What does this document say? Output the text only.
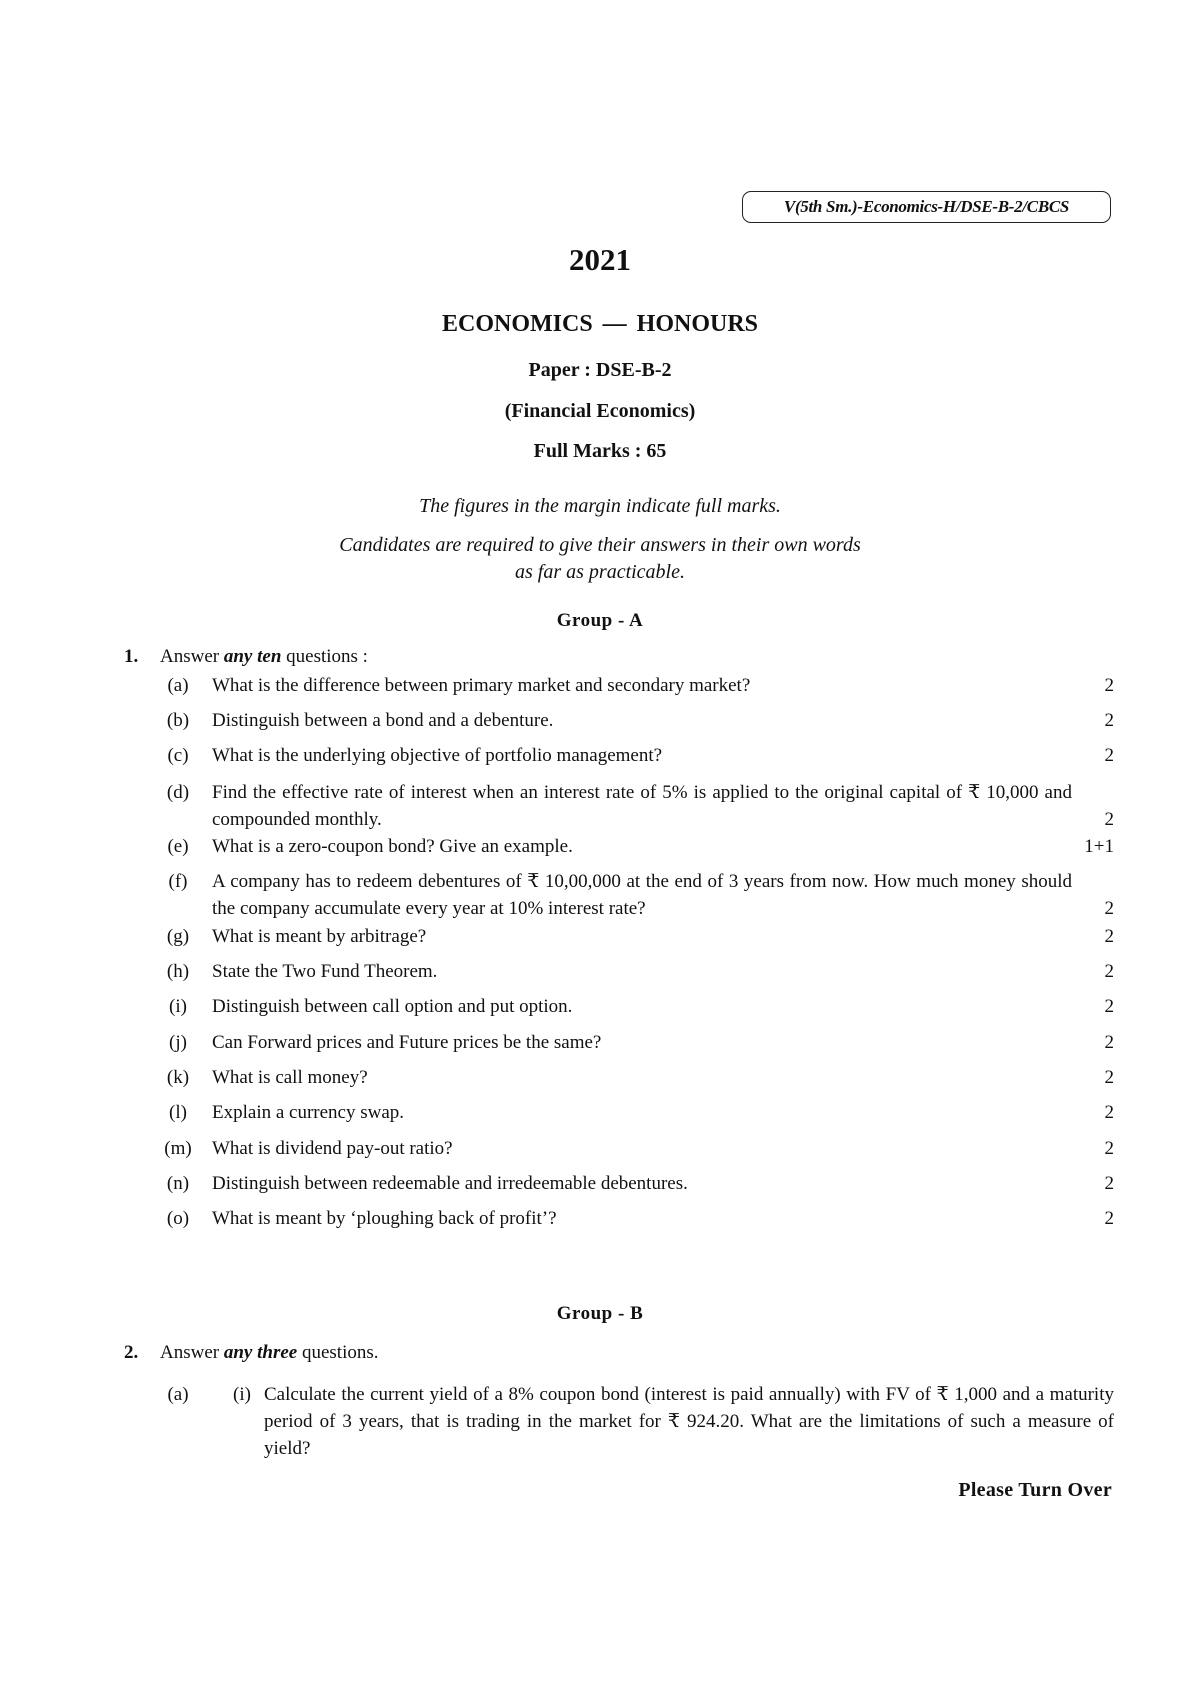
V(5th Sm.)-Economics-H/DSE-B-2/CBCS
2021
ECONOMICS — HONOURS
Paper : DSE-B-2
(Financial Economics)
Full Marks : 65
The figures in the margin indicate full marks.
Candidates are required to give their answers in their own words
as far as practicable.
Group - A
1. Answer any ten questions :
(a)	What is the difference between primary market and secondary market?	2
(b)	Distinguish between a bond and a debenture.	2
(c)	What is the underlying objective of portfolio management?	2
(d)	Find the effective rate of interest when an interest rate of 5% is applied to the original capital of ₹ 10,000 and compounded monthly.	2
(e)	What is a zero-coupon bond? Give an example.	1+1
(f)	A company has to redeem debentures of ₹ 10,00,000 at the end of 3 years from now. How much money should the company accumulate every year at 10% interest rate?	2
(g)	What is meant by arbitrage?	2
(h)	State the Two Fund Theorem.	2
(i)	Distinguish between call option and put option.	2
(j)	Can Forward prices and Future prices be the same?	2
(k)	What is call money?	2
(l)	Explain a currency swap.	2
(m) What is dividend pay-out ratio?	2
(n)	Distinguish between redeemable and irredeemable debentures.	2
(o)	What is meant by ‘ploughing back of profit’?	2
Group - B
2. Answer any three questions.
(a)	(i) Calculate the current yield of a 8% coupon bond (interest is paid annually) with FV of ₹ 1,000 and a maturity period of 3 years, that is trading in the market for ₹ 924.20. What are the limitations of such a measure of yield?
Please Turn Over
